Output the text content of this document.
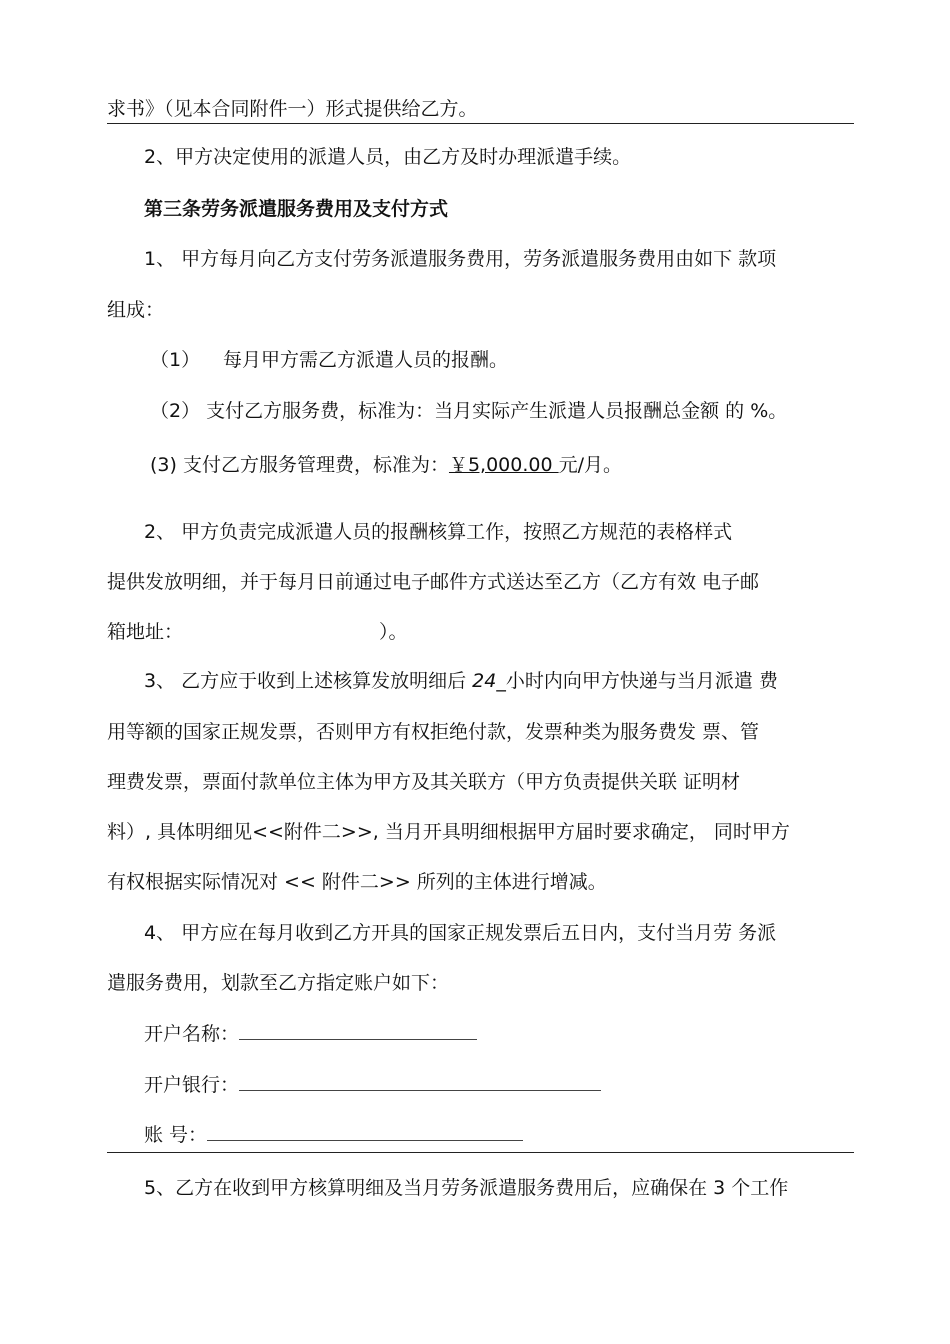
求书》（见本合同附件一）形式提供给乙方。
2、甲方决定使用的派遣人员，由乙方及时办理派遣手续。
第三条劳务派遣服务费用及支付方式
1、 甲方每月向乙方支付劳务派遣服务费用，劳务派遣服务费用由如下 款项
组成：
（1） 每月甲方需乙方派遣人员的报酬。
（2） 支付乙方服务费，标准为：当月实际产生派遣人员报酬总金额 的 %。
(3) 支付乙方服务管理费，标准为：￥5,000.00 元/月。
2、 甲方负责完成派遣人员的报酬核算工作，按照乙方规范的表格样式
提供发放明细，并于每月日前通过电子邮件方式送达至乙方（乙方有效 电子邮
箱地址：	）。
3、 乙方应于收到上述核算发放明细后 24_小时内向甲方快递与当月派遣 费
用等额的国家正规发票，否则甲方有权拒绝付款，发票种类为服务费发 票、管
理费发票，票面付款单位主体为甲方及其关联方（甲方负责提供关联 证明材
料）, 具体明细见<<附件二>>, 当月开具明细根据甲方届时要求确定， 同时甲方
有权根据实际情况对 << 附件二>> 所列的主体进行增减。
4、 甲方应在每月收到乙方开具的国家正规发票后五日内，支付当月劳 务派
遣服务费用，划款至乙方指定账户如下：
开户名称：
开户银行：
账 号：
5、乙方在收到甲方核算明细及当月劳务派遣服务费用后，应确保在 3 个工作
